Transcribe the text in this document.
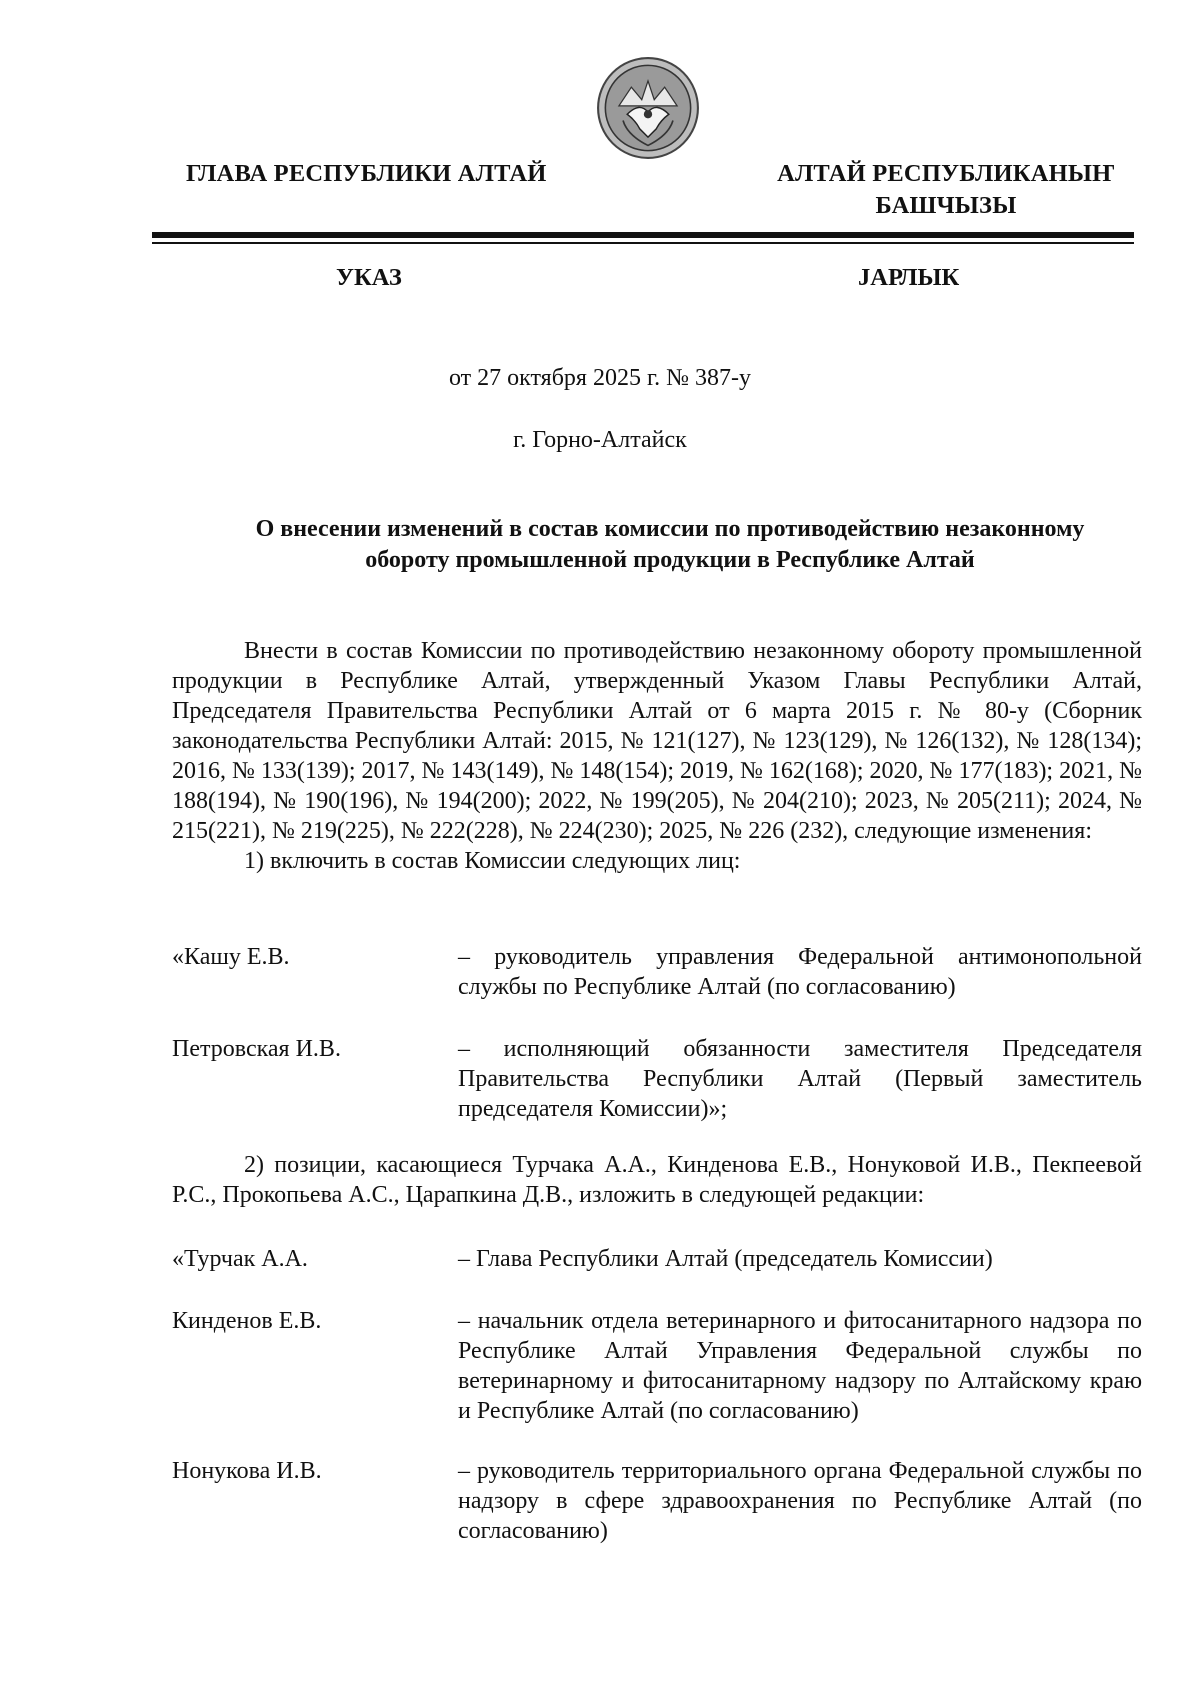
ГЛАВА РЕСПУБЛИКИ АЛТАЙ	АЛТАЙ РЕСПУБЛИКАНЫҤ
БАШЧЫЗЫ
УКАЗ	ЈАРЛЫК
от 27 октября 2025 г. № 387-у
г. Горно-Алтайск
О внесении изменений в состав комиссии по противодействию незаконному
обороту промышленной продукции в Республике Алтай

Внести в состав Комиссии по противодействию незаконному обороту промышленной продукции в Республике Алтай, утвержденный Указом Главы Республики Алтай, Председателя Правительства Республики Алтай от 6 марта 2015 г. № 80-у (Сборник законодательства Республики Алтай: 2015, № 121(127), № 123(129), № 126(132), № 128(134); 2016, № 133(139); 2017, № 143(149), № 148(154); 2019, № 162(168); 2020, № 177(183); 2021, № 188(194), № 190(196), № 194(200); 2022, № 199(205), № 204(210); 2023, № 205(211); 2024, № 215(221), № 219(225), № 222(228), № 224(230); 2025, № 226 (232), следующие изменения:

1) включить в состав Комиссии следующих лиц:

«Кашу Е.В.	– руководитель управления Федеральной антимонопольной службы по Республике Алтай (по согласованию)
Петровская И.В.	– исполняющий обязанности заместителя Председателя Правительства Республики Алтай (Первый заместитель председателя Комиссии)»;

2) позиции, касающиеся Турчака А.А., Кинденова Е.В., Нонуковой И.В., Пекпеевой Р.С., Прокопьева А.С., Царапкина Д.В., изложить в следующей редакции:

«Турчак А.А.	– Глава Республики Алтай (председатель Комиссии)
Кинденов Е.В.	– начальник отдела ветеринарного и фитосанитарного надзора по Республике Алтай Управления Федеральной службы по ветеринарному и фитосанитарному надзору по Алтайскому краю и Республике Алтай (по согласованию)
Нонукова И.В.	– руководитель территориального органа Федеральной службы по надзору в сфере здравоохранения по Республике Алтай (по согласованию)
